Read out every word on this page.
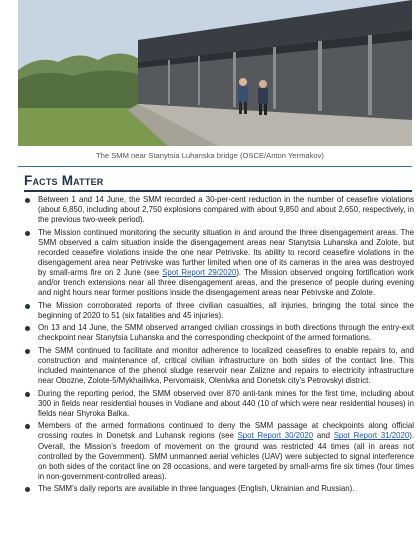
The SMM near Stanytsia Luhanska bridge (OSCE/Anton Yermakov)
Facts Matter
Between 1 and 14 June, the SMM recorded a 30-per-cent reduction in the number of ceasefire violations (about 6,850, including about 2,750 explosions compared with about 9,850 and about 2,650, respectively, in the previous two-week period).
The Mission continued monitoring the security situation in and around the three disengagement areas. The SMM observed a calm situation inside the disengagement areas near Stanytsia Luhanska and Zolote, but recorded ceasefire violations inside the one near Petrivske. Its ability to record ceasefire violations in the disengagement area near Petrivske was further limited when one of its cameras in the area was destroyed by small-arms fire on 2 June (see Spot Report 29/2020). The Mission observed ongoing fortification work and/or trench extensions near all three disengagement areas, and the presence of people during evening and night hours near former positions inside the disengagement areas near Petrivske and Zolote.
The Mission corroborated reports of three civilian casualties, all injuries, bringing the total since the beginning of 2020 to 51 (six fatalities and 45 injuries).
On 13 and 14 June, the SMM observed arranged civilian crossings in both directions through the entry-exit checkpoint near Stanytsia Luhanska and the corresponding checkpoint of the armed formations.
The SMM continued to facilitate and monitor adherence to localized ceasefires to enable repairs to, and construction and maintenance of, critical civilian infrastructure on both sides of the contact line. This included maintenance of the phenol sludge reservoir near Zalizne and repairs to electricity infrastructure near Obozne, Zolote-5/Mykhailivka, Pervomaisk, Olenivka and Donetsk city’s Petrovskyi district.
During the reporting period, the SMM observed over 870 anti-tank mines for the first time, including about 300 in fields near residential houses in Vodiane and about 440 (10 of which were near residential houses) in fields near Shyroka Balka.
Members of the armed formations continued to deny the SMM passage at checkpoints along official crossing routes in Donetsk and Luhansk regions (see Spot Report 30/2020 and Spot Report 31/2020). Overall, the Mission’s freedom of movement on the ground was restricted 44 times (all in areas not controlled by the Government). SMM unmanned aerial vehicles (UAV) were subjected to signal interference on both sides of the contact line on 28 occasions, and were targeted by small-arms fire six times (four times in non-government-controlled areas).
The SMM’s daily reports are available in three languages (English, Ukrainian and Russian).
